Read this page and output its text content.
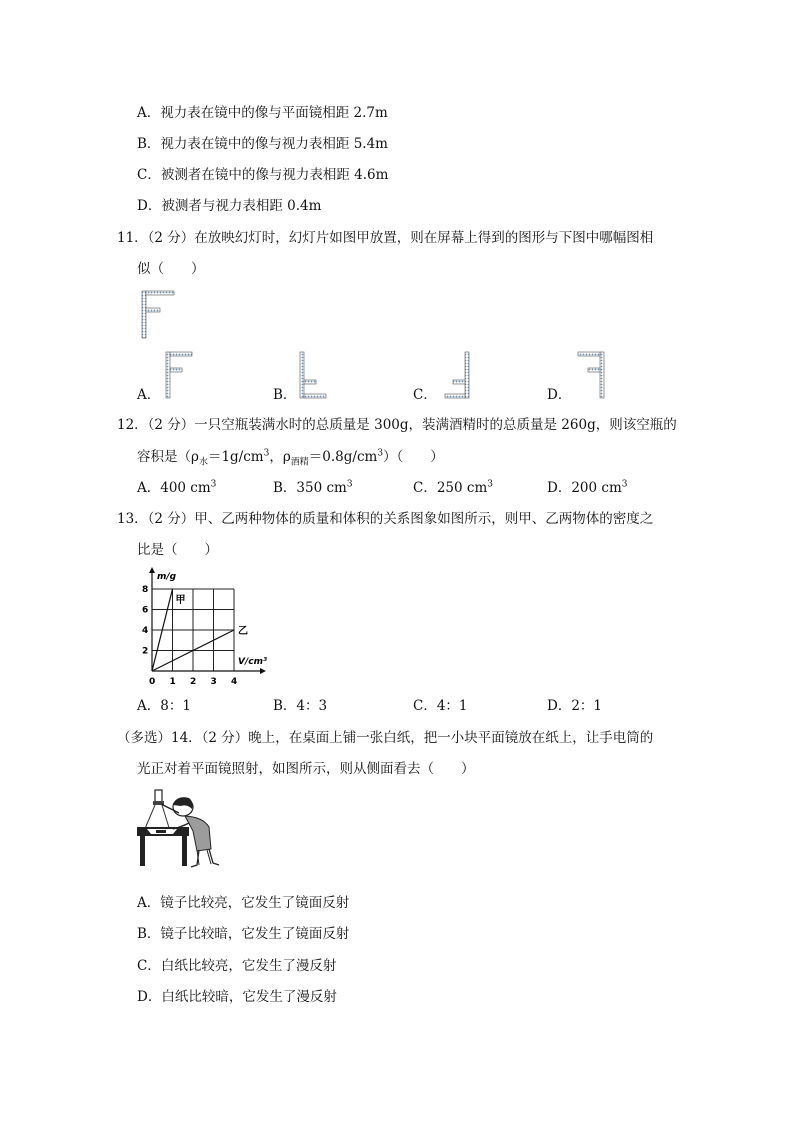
A．视力表在镜中的像与平面镜相距 2.7m
B．视力表在镜中的像与视力表相距 5.4m
C．被测者在镜中的像与视力表相距 4.6m
D．被测者与视力表相距 0.4m
11．（2 分）在放映幻灯时，幻灯片如图甲放置，则在屏幕上得到的图形与下图中哪幅图相
似（　　）
A．	B．	C．	D．
12．（2 分）一只空瓶装满水时的总质量是 300g，装满酒精时的总质量是 260g，则该空瓶的
容积是（$\rho_水=1g/cm^3$，$\rho_{酒精}=0.8g/cm^3$）（　　）
A．400 $cm^3$	B．350 $cm^3$	C．250 $cm^3$	D．200 $cm^3$
13．（2 分）甲、乙两种物体的质量和体积的关系图象如图所示，则甲、乙两物体的密度之
比是（　　）
甲
乙
0 1 2 3 4
2
4
6
8
m/g
V/cm³
A．8：1	B．4：3	C．4：1	D．2：1
（多选）14．（2 分）晚上，在桌面上铺一张白纸，把一小块平面镜放在纸上，让手电筒的
光正对着平面镜照射，如图所示，则从侧面看去（　　）
A．镜子比较亮，它发生了镜面反射
B．镜子比较暗，它发生了镜面反射
C．白纸比较亮，它发生了漫反射
D．白纸比较暗，它发生了漫反射
